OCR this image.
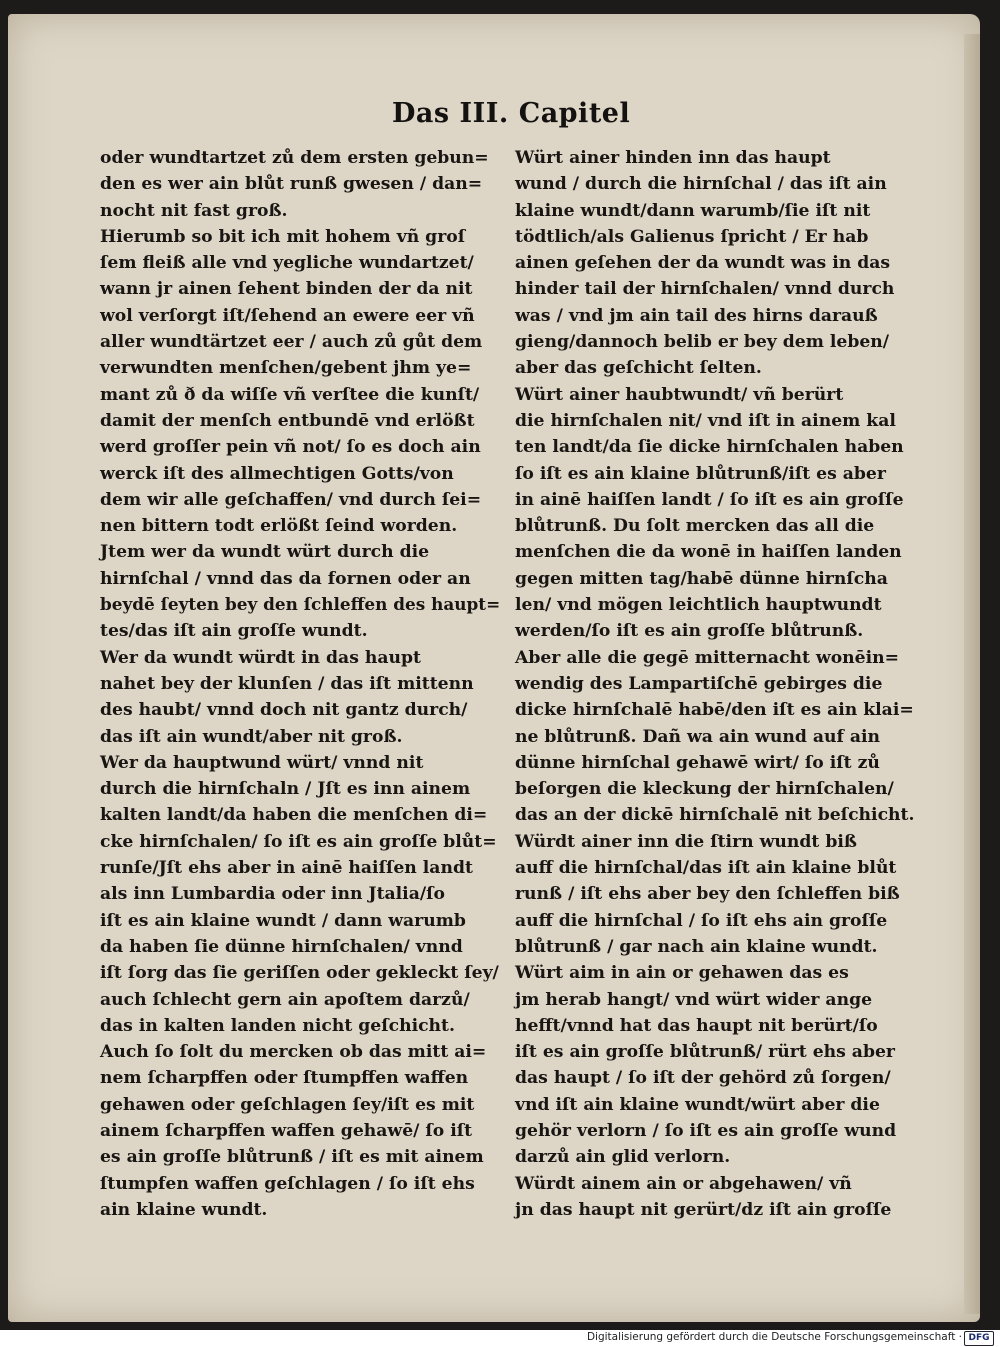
Das III. Capitel
oder wundtartzet zů dem ersten gebun=
den es wer ain blůt runß gwesen / dan=
nocht nit fast groß.
Hierumb so bit ich mit hohem vñ groſ
ſem fleiß alle vnd yegliche wundartzet/
wann jr ainen ſehent binden der da nit
wol verſorgt iſt/ſehend an ewere eer vñ
aller wundtärtzet eer / auch zů gůt dem
verwundten menſchen/gebent jhm ye=
mant zů ð da wiſſe vñ verſtee die kunſt/
damit der menſch entbundē vnd erlößt
werd groſſer pein vñ not/ ſo es doch ain
werck iſt des allmechtigen Gotts/von
dem wir alle geſchaffen/ vnd durch ſei=
nen bittern todt erlößt ſeind worden.
Jtem wer da wundt würt durch die
hirnſchal / vnnd das da fornen oder an
beydē ſeyten bey den ſchleffen des haupt=
tes/das iſt ain groſſe wundt.
Wer da wundt würdt in das haupt
nahet bey der klunſen / das iſt mittenn
des haubt/ vnnd doch nit gantz durch/
das iſt ain wundt/aber nit groß.
Wer da hauptwund würt/ vnnd nit
durch die hirnſchaln / Jſt es inn ainem
kalten landt/da haben die menſchen di=
cke hirnſchalen/ ſo iſt es ain groſſe blůt=
runſe/Jſt ehs aber in ainē haiſſen landt
als inn Lumbardia oder inn Jtalia/ſo
iſt es ain klaine wundt / dann warumb
da haben ſie dünne hirnſchalen/ vnnd
iſt ſorg das ſie geriſſen oder gekleckt ſey/
auch ſchlecht gern ain apoſtem darzů/
das in kalten landen nicht geſchicht.
Auch ſo ſolt du mercken ob das mitt ai=
nem ſcharpffen oder ſtumpffen waffen
gehawen oder geſchlagen ſey/iſt es mit
ainem ſcharpffen waffen gehawē/ ſo iſt
es ain groſſe blůtrunß / iſt es mit ainem
ſtumpfen waffen geſchlagen / ſo iſt ehs
ain klaine wundt.
Würt ainer hinden inn das haupt
wund / durch die hirnſchal / das iſt ain
klaine wundt/dann warumb/ſie iſt nit
tödtlich/als Galienus ſpricht / Er hab
ainen geſehen der da wundt was in das
hinder tail der hirnſchalen/ vnnd durch
was / vnd jm ain tail des hirns darauß
gieng/dannoch belib er bey dem leben/
aber das geſchicht ſelten.
Würt ainer haubtwundt/ vñ berürt
die hirnſchalen nit/ vnd iſt in ainem kal
ten landt/da ſie dicke hirnſchalen haben
ſo iſt es ain klaine blůtrunß/iſt es aber
in ainē haiſſen landt / ſo iſt es ain groſſe
blůtrunß. Du ſolt mercken das all die
menſchen die da wonē in haiſſen landen
gegen mitten tag/habē dünne hirnſcha
len/ vnd mögen leichtlich hauptwundt
werden/ſo iſt es ain groſſe blůtrunß.
Aber alle die gegē mitternacht wonēin=
wendig des Lampartiſchē gebirges die
dicke hirnſchalē habē/den iſt es ain klai=
ne blůtrunß. Dañ wa ain wund auf ain
dünne hirnſchal gehawē wirt/ ſo iſt zů
beſorgen die kleckung der hirnſchalen/
das an der dickē hirnſchalē nit beſchicht.
Würdt ainer inn die ſtirn wundt biß
auff die hirnſchal/das iſt ain klaine blůt
runß / iſt ehs aber bey den ſchleffen biß
auff die hirnſchal / ſo iſt ehs ain groſſe
blůtrunß / gar nach ain klaine wundt.
Würt aim in ain or gehawen das es
jm herab hangt/ vnd würt wider ange
hefft/vnnd hat das haupt nit berürt/ſo
iſt es ain groſſe blůtrunß/ rürt ehs aber
das haupt / ſo iſt der gehörd zů ſorgen/
vnd iſt ain klaine wundt/würt aber die
gehör verlorn / ſo iſt es ain groſſe wund
darzů ain glid verlorn.
Würdt ainem ain or abgehawen/ vñ
jn das haupt nit gerürt/dz iſt ain groſſe
Digitalisierung gefördert durch die Deutsche Forschungsgemeinschaft · DFG
